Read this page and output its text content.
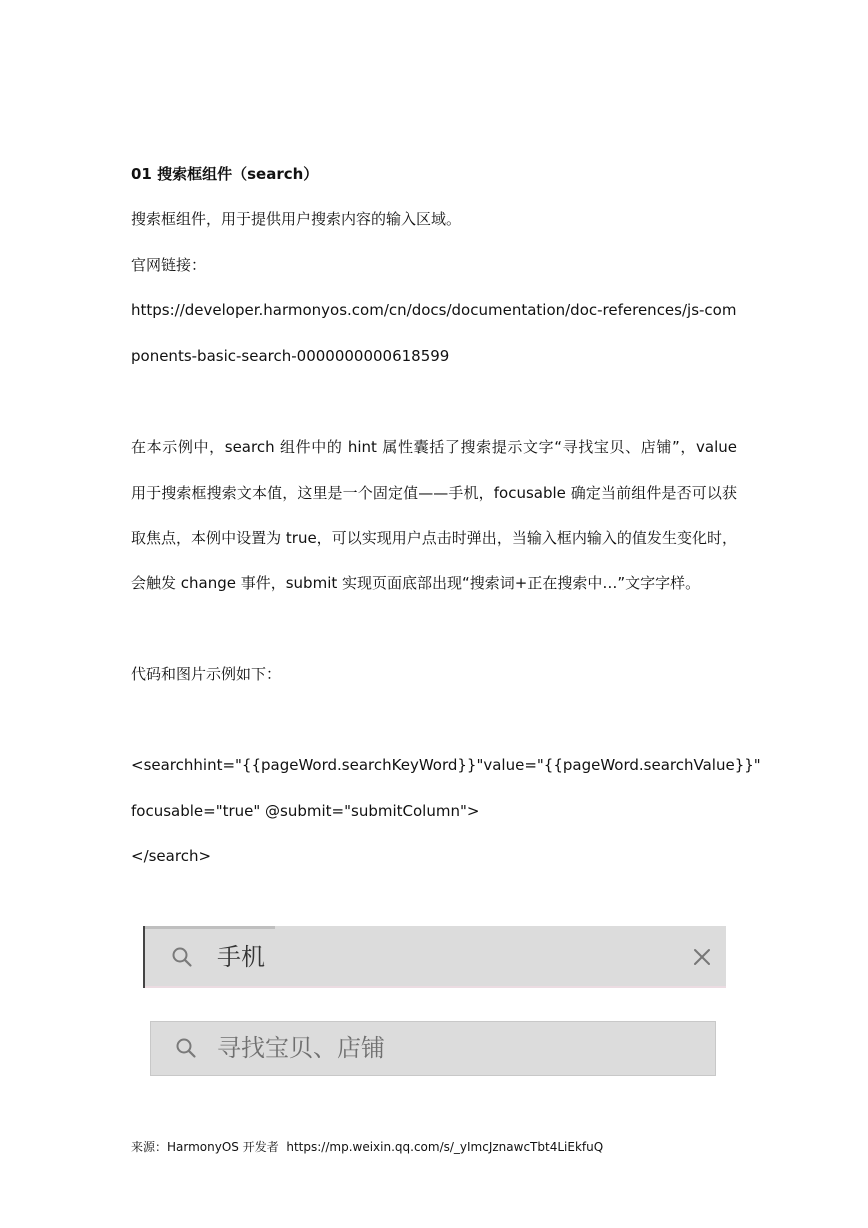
01 搜索框组件（search）
搜索框组件，用于提供用户搜索内容的输入区域。
官网链接：
https://developer.harmonyos.com/cn/docs/documentation/doc-references/js-com
ponents-basic-search-0000000000618599
在本示例中，search 组件中的 hint 属性囊括了搜索提示文字“寻找宝贝、店铺”，value
用于搜索框搜索文本值，这里是一个固定值——手机，focusable 确定当前组件是否可以获
取焦点，本例中设置为 true，可以实现用户点击时弹出，当输入框内输入的值发生变化时，
会触发 change 事件，submit 实现页面底部出现“搜索词+正在搜索中…”文字字样。
代码和图片示例如下：
<searchhint="{{pageWord.searchKeyWord}}"value="{{pageWord.searchValue}}"
focusable="true" @submit="submitColumn">
</search>
手机
寻找宝贝、店铺
来源：HarmonyOS 开发者 https://mp.weixin.qq.com/s/_yImcJznawcTbt4LiEkfuQ
